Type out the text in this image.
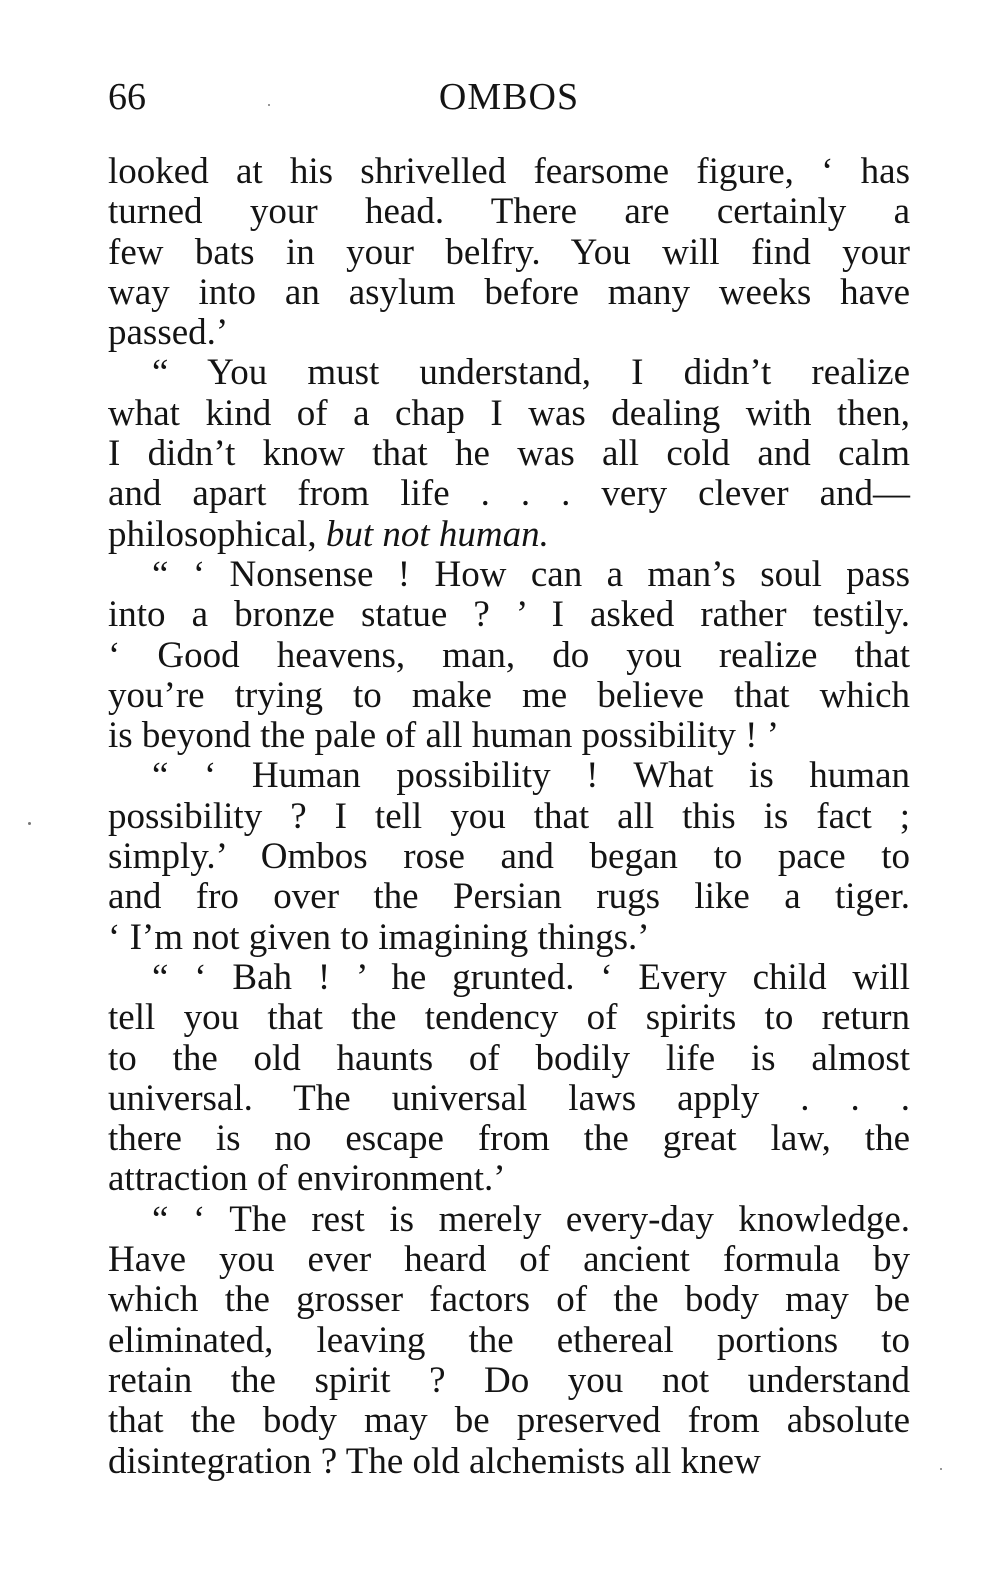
66	OMBOS
looked at his shrivelled fearsome figure, ‘ has
turned your head. There are certainly a
few bats in your belfry. You will find your
way into an asylum before many weeks have
passed.’
“ You must understand, I didn’t realize
what kind of a chap I was dealing with then,
I didn’t know that he was all cold and calm
and apart from life . . . very clever and—
philosophical, but not human.
“ ‘ Nonsense ! How can a man’s soul pass
into a bronze statue ? ’ I asked rather testily.
‘ Good heavens, man, do you realize that
you’re trying to make me believe that which
is beyond the pale of all human possibility ! ’
“ ‘ Human possibility ! What is human
possibility ? I tell you that all this is fact ;
simply.’ Ombos rose and began to pace to
and fro over the Persian rugs like a tiger.
‘ I’m not given to imagining things.’
“ ‘ Bah ! ’ he grunted. ‘ Every child will
tell you that the tendency of spirits to return
to the old haunts of bodily life is almost
universal. The universal laws apply . . .
there is no escape from the great law, the
attraction of environment.’
“ ‘ The rest is merely every-day knowledge.
Have you ever heard of ancient formula by
which the grosser factors of the body may be
eliminated, leaving the ethereal portions to
retain the spirit ? Do you not understand
that the body may be preserved from absolute
disintegration ? The old alchemists all knew
